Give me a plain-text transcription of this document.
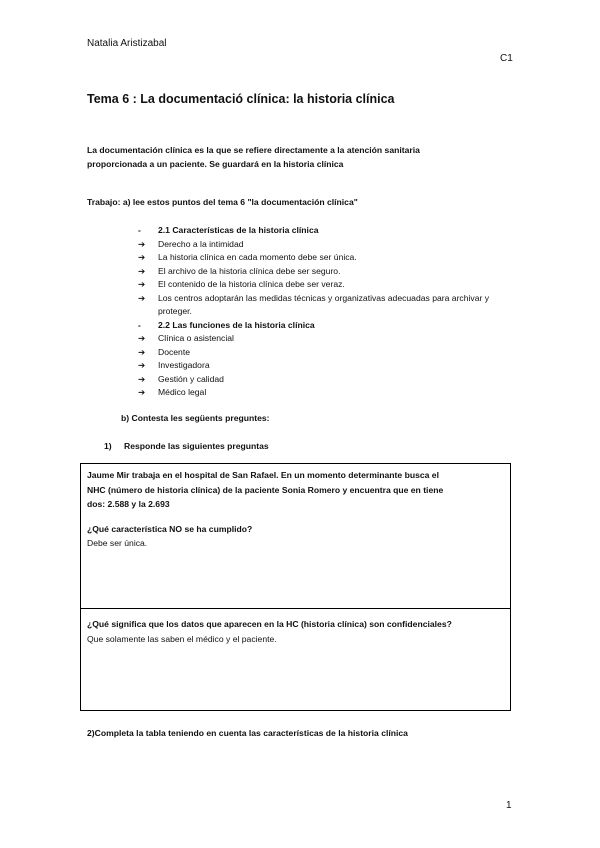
Natalia Aristizabal
C1
Tema 6 : La documentació clínica: la historia clínica
La documentación clínica es la que se refiere directamente a la atención sanitaria
proporcionada a un paciente. Se guardará en la historia clínica
Trabajo: a) lee estos puntos del tema 6 "la documentación clínica"
-	2.1 Características de la historia clínica
➔	Derecho a la intimidad
➔	La historia clínica en cada momento debe ser única.
➔	El archivo de la historia clínica debe ser seguro.
➔	El contenido de la historia clínica debe ser veraz.
➔	Los centros adoptarán las medidas técnicas y organizativas adecuadas para archivar y proteger.
-	2.2 Las funciones de la historia clínica
➔	Clínica o asistencial
➔	Docente
➔	Investigadora
➔	Gestión y calidad
➔	Médico legal
b) Contesta les següents preguntes:
1) Responde las siguientes preguntas
Jaume Mir trabaja en el hospital de San Rafael. En un momento determinante busca el
NHC (número de historia clínica) de la paciente Sonia Romero y encuentra que en tiene
dos: 2.588 y la 2.693
¿Qué característica NO se ha cumplido?
Debe ser única.
¿Qué significa que los datos que aparecen en la HC (historia clínica) son confidenciales?
Que solamente las saben el médico y el paciente.
2)Completa la tabla teniendo en cuenta las características de la historia clínica
1
